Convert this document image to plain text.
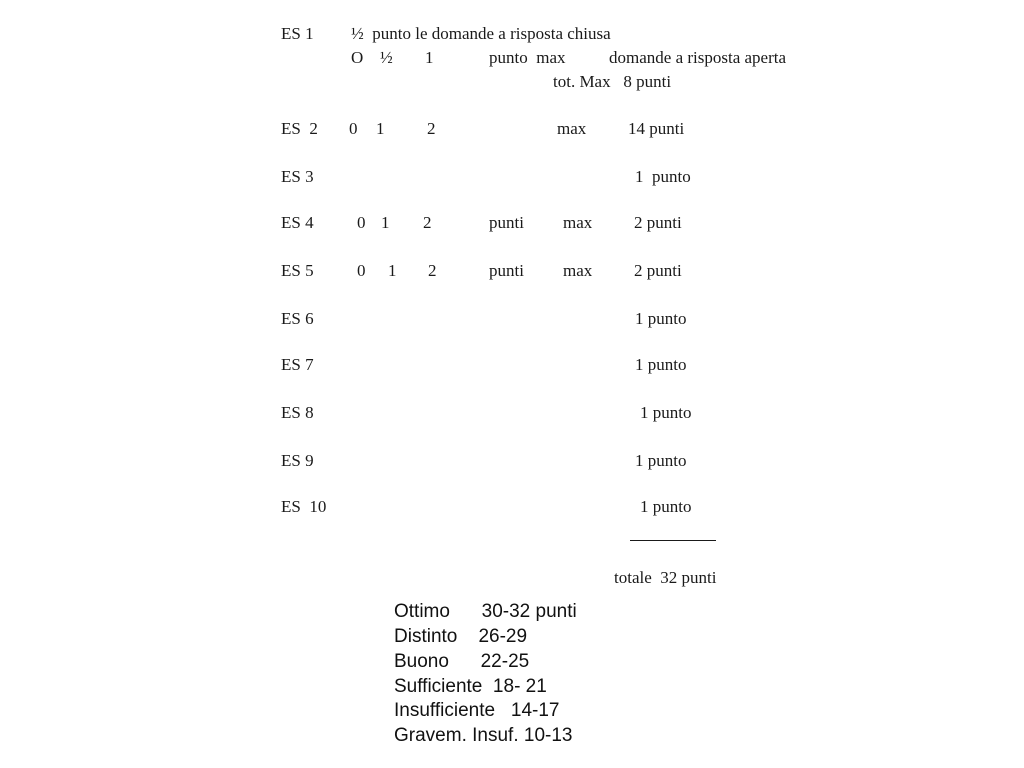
ES 1 ½  punto le domande a risposta chiusa
O ½ 1	punto  max	domande a risposta aperta
tot. Max   8 punti
ES  2 0 1	2	max 14 punti
ES 3	1  punto
ES 4	0 1 2	punti max 2 punti
ES 5	0 1 2	punti max 2 punti
ES 6	1 punto
ES 7	1 punto
ES 8	1 punto
ES 9	1 punto
ES  10	1 punto
totale  32 punti
Ottimo      30-32 punti
Distinto    26-29
Buono      22-25
Sufficiente  18- 21
Insufficiente   14-17
Gravem. Insuf. 10-13
